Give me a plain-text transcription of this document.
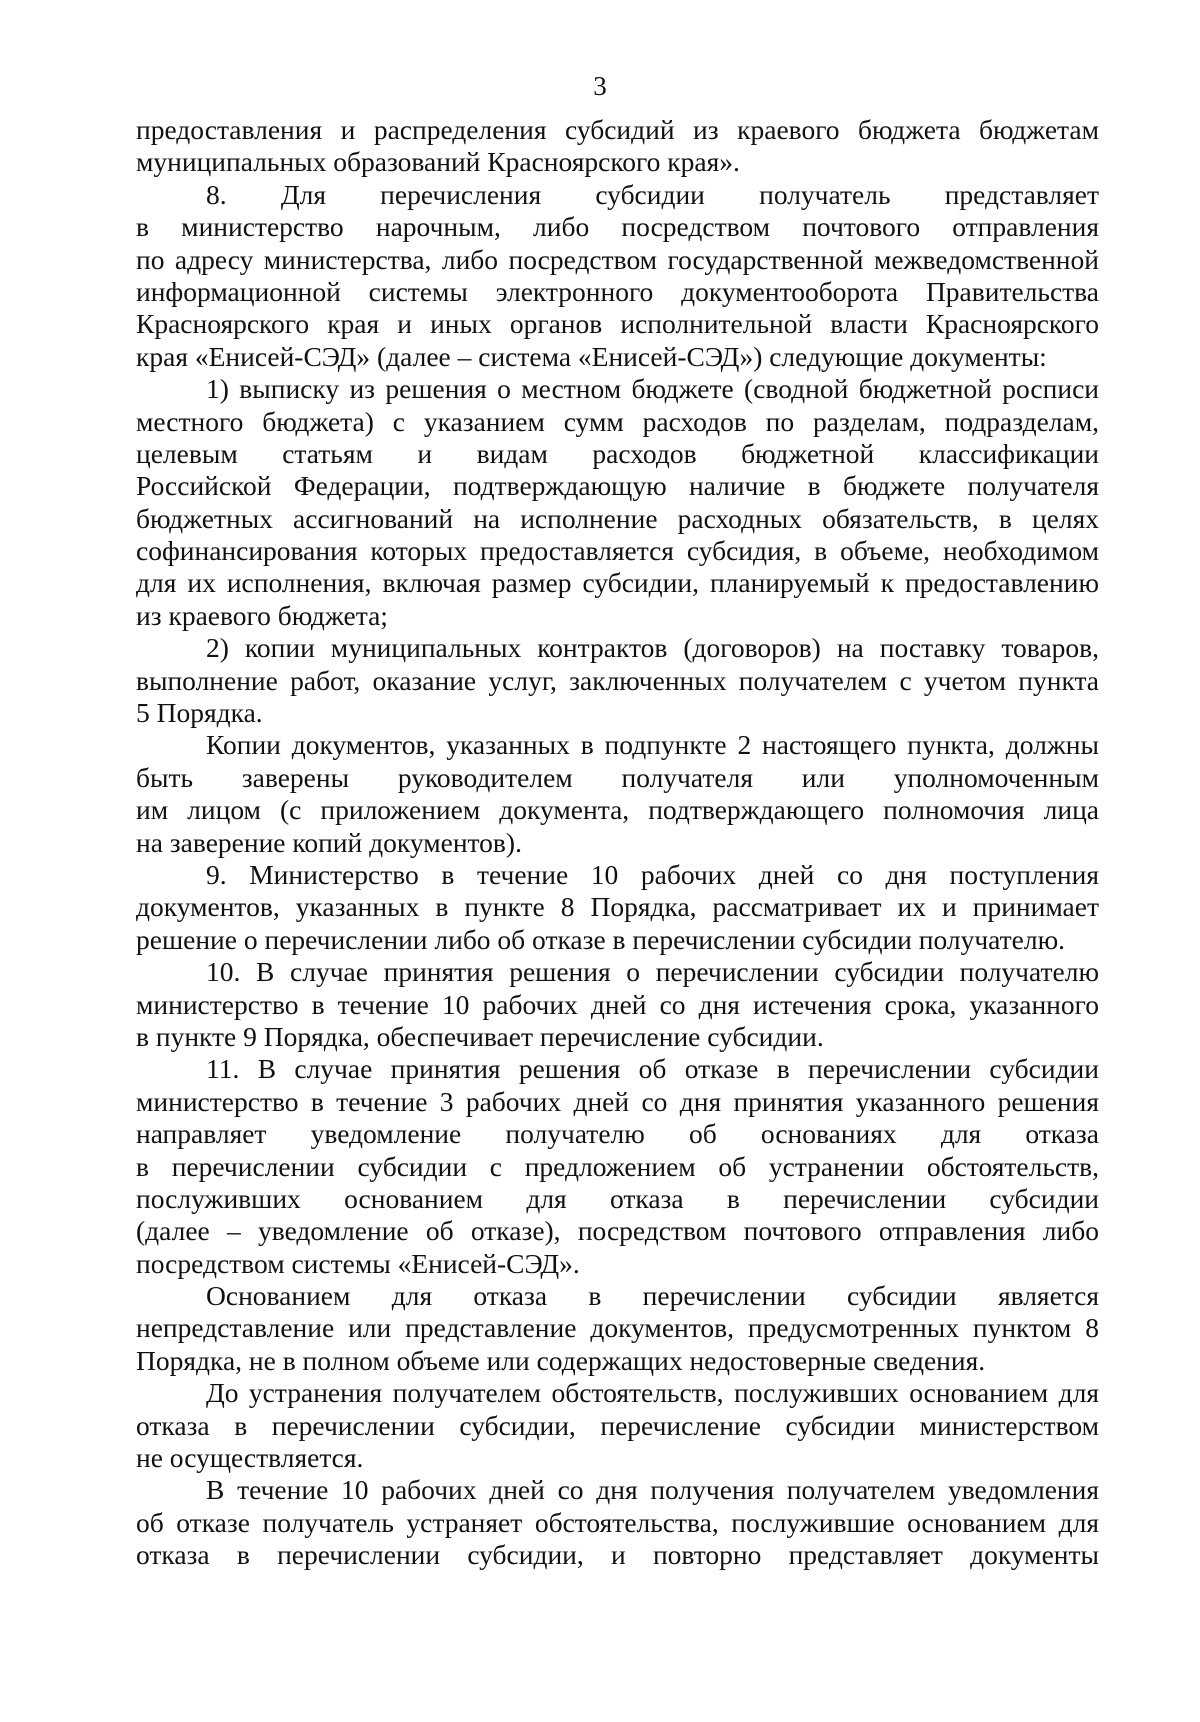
3
предоставления и распределения субсидий из краевого бюджета бюджетам
муниципальных образований Красноярского края».
8. Для перечисления субсидии получатель представляет
в министерство нарочным, либо посредством почтового отправления
по адресу министерства, либо посредством государственной межведомственной
информационной системы электронного документооборота Правительства
Красноярского края и иных органов исполнительной власти Красноярского
края «Енисей-СЭД» (далее – система «Енисей-СЭД») следующие документы:
1) выписку из решения о местном бюджете (сводной бюджетной росписи
местного бюджета) с указанием сумм расходов по разделам, подразделам,
целевым статьям и видам расходов бюджетной классификации
Российской Федерации, подтверждающую наличие в бюджете получателя
бюджетных ассигнований на исполнение расходных обязательств, в целях
софинансирования которых предоставляется субсидия, в объеме, необходимом
для их исполнения, включая размер субсидии, планируемый к предоставлению
из краевого бюджета;
2) копии муниципальных контрактов (договоров) на поставку товаров,
выполнение работ, оказание услуг, заключенных получателем с учетом пункта
5 Порядка.
Копии документов, указанных в подпункте 2 настоящего пункта, должны
быть заверены руководителем получателя или уполномоченным
им лицом (с приложением документа, подтверждающего полномочия лица
на заверение копий документов).
9. Министерство в течение 10 рабочих дней со дня поступления
документов, указанных в пункте 8 Порядка, рассматривает их и принимает
решение о перечислении либо об отказе в перечислении субсидии получателю.
10. В случае принятия решения о перечислении субсидии получателю
министерство в течение 10 рабочих дней со дня истечения срока, указанного
в пункте 9 Порядка, обеспечивает перечисление субсидии.
11. В случае принятия решения об отказе в перечислении субсидии
министерство в течение 3 рабочих дней со дня принятия указанного решения
направляет уведомление получателю об основаниях для отказа
в перечислении субсидии с предложением об устранении обстоятельств,
послуживших основанием для отказа в перечислении субсидии
(далее – уведомление об отказе), посредством почтового отправления либо
посредством системы «Енисей-СЭД».
Основанием для отказа в перечислении субсидии является
непредставление или представление документов, предусмотренных пунктом 8
Порядка, не в полном объеме или содержащих недостоверные сведения.
До устранения получателем обстоятельств, послуживших основанием для
отказа в перечислении субсидии, перечисление субсидии министерством
не осуществляется.
В течение 10 рабочих дней со дня получения получателем уведомления
об отказе получатель устраняет обстоятельства, послужившие основанием для
отказа в перечислении субсидии, и повторно представляет документы
